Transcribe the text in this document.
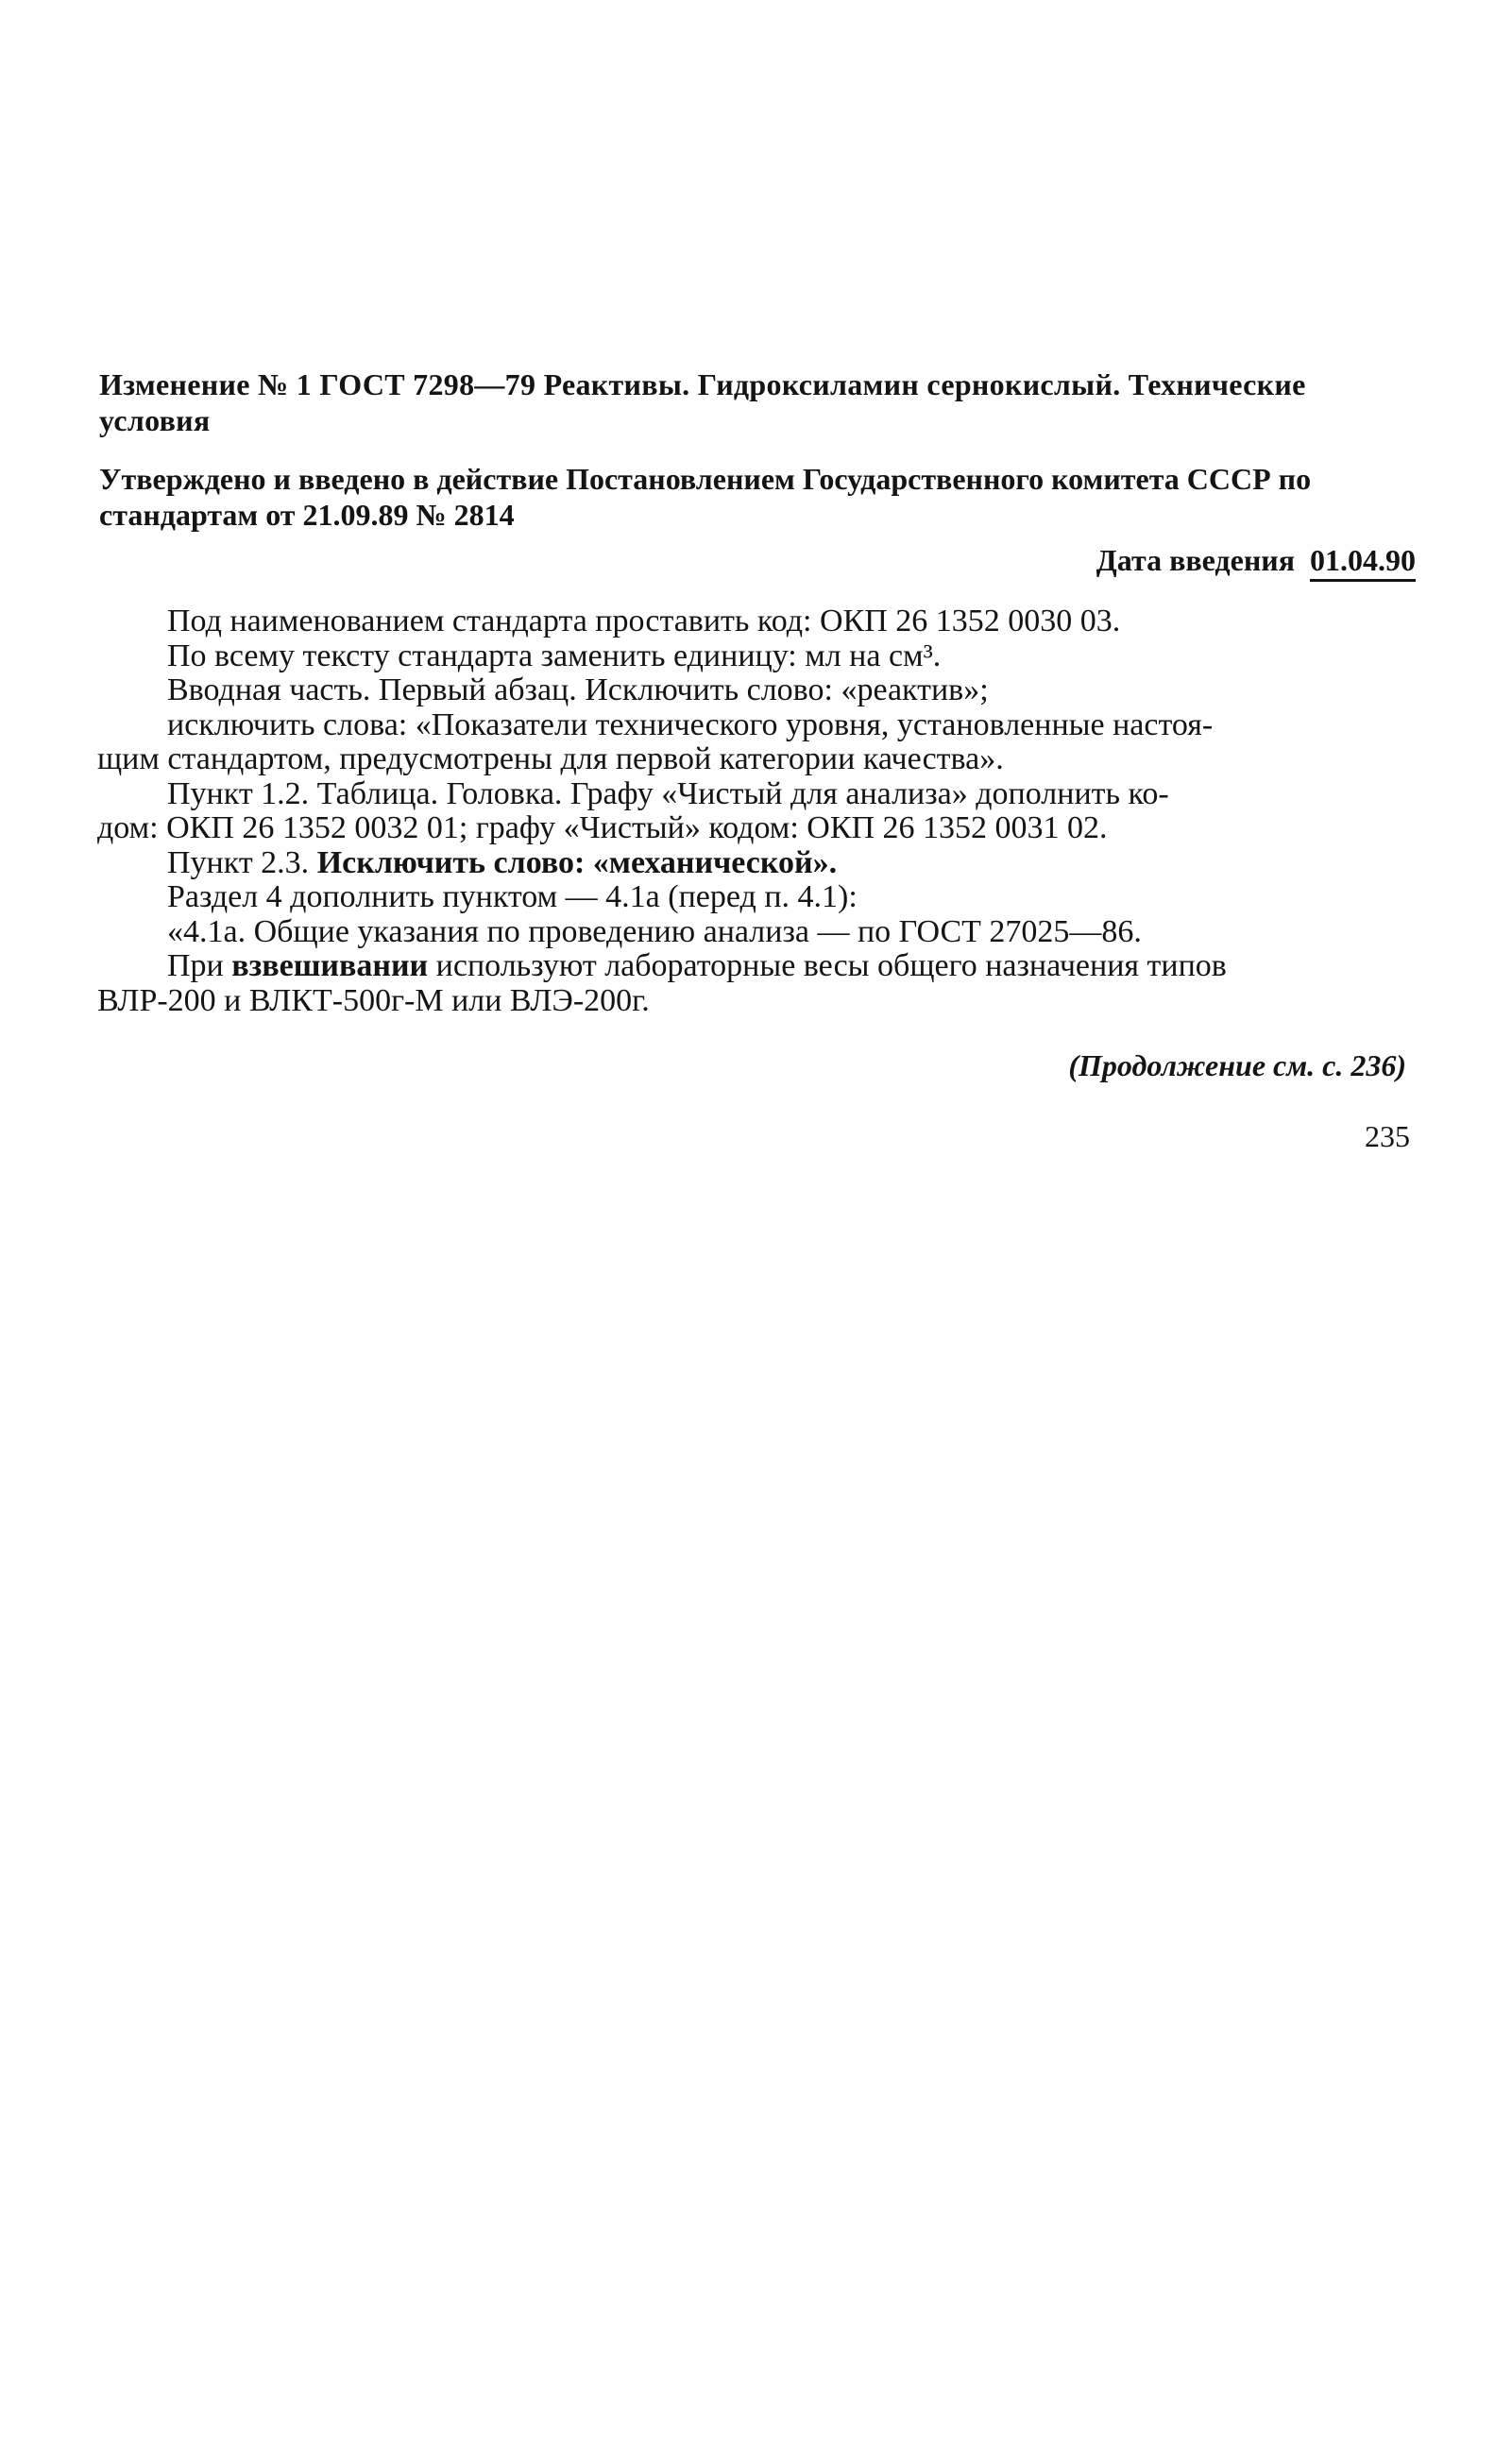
Изменение № 1 ГОСТ 7298—79 Реактивы. Гидроксиламин сернокислый. Технические условия
Утверждено и введено в действие Постановлением Государственного комитета СССР по стандартам от 21.09.89 № 2814
Дата введения 01.04.90

Под наименованием стандарта проставить код: ОКП 26 1352 0030 03.

По всему тексту стандарта заменить единицу: мл на см³.

Вводная часть. Первый абзац. Исключить слово: «реактив»;

исключить слова: «Показатели технического уровня, установленные настоя-

щим стандартом, предусмотрены для первой категории качества».

Пункт 1.2. Таблица. Головка. Графу «Чистый для анализа» дополнить ко-

дом: ОКП 26 1352 0032 01; графу «Чистый» кодом: ОКП 26 1352 0031 02.

Пункт 2.3. Исключить слово: «механической».

Раздел 4 дополнить пунктом — 4.1а (перед п. 4.1):

«4.1а. Общие указания по проведению анализа — по ГОСТ 27025—86.

При взвешивании используют лабораторные весы общего назначения типов

ВЛР-200 и ВЛКТ-500г-М или ВЛЭ-200г.

(Продолжение см. с. 236)
235
